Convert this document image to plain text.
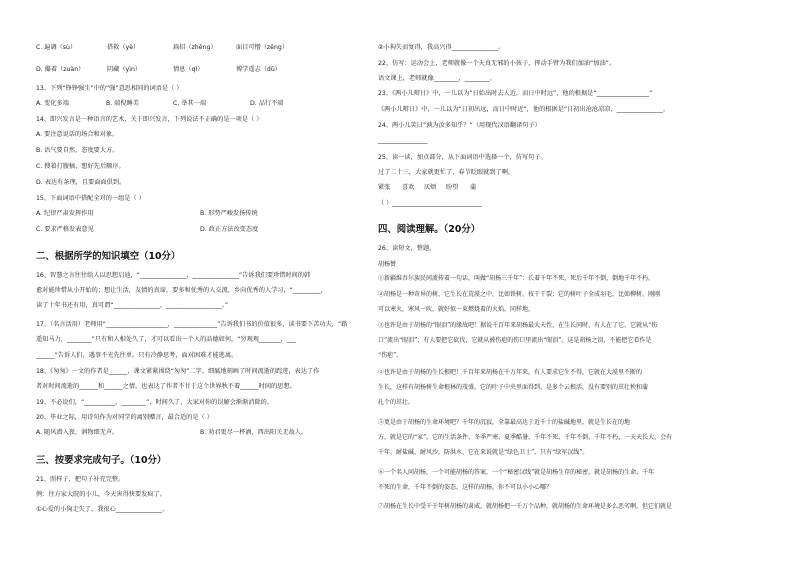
C. 遍调（sù）	搭救（yè）	扁招（zhēng）	面目可憎（zēng）
D. 攥着（zuàn）	阴藏（yìn）	情息（qì）	博学遥志（dǔ）
13、下列“铮铮强生”中的“强”意思相同的词语是（ ）
A. 变化多端	B. 端倪睡美	C. 举其一端	D. 品行不端
14、即兴发言是一种语言的艺术，关于即兴发言，下列说法不正确的是一项是（ ）
A. 要注意说话的场合和对象。
B. 语气要自然，态度要大方。
C. 搜着打腹稿，想好先后顺序。
D. 表达有条理，且要面面俱到。
15、下面词语中搭配全对的一组是（ ）
A. 纪律严肃发挥作用	B. 形势严峻发扬传统
C. 要求严格发表意见	D. 政正方法改变态度
二、根据所学的知识填空（10分）
16、智慧之言往往给人以思想启迪，“_______________，_______________”告诉我们要珍惜时间的韩
愈对能珍惜从小开始的；想让生活，友情的真谛，要多和优秀的人交流，乡向优秀的人学习，“_________，
读了十年书还有用，真可谓“_______________，__________________。”
17、（名言活用）老师用“____________________，______________”告诉我们书的价值很多，读书要下苦功夫，“路
遥知马力，________”只有和人相处久了，才可以看出一个人的品德如何，“穷观观_______，___
______”告诉人们，遇事不光先往单。只有冷静思考，面对困难才能逃离。
18、《匆匆》一文的作者是______，课文紧紧围绕“匆匆”二字，细腻地刻画了时间流逝的踪迹，表达了作
者对时间流逝的______和______之情，也表达了作者不甘于这个世界秋不着______时间的思想。
19、不必说们，“__________，________”，时间久了，大家对你的误解会渐渐消除的。
20、毕业之际，用诗句作为对同学的离别赠言，最合适的是（ ）
A. 随风潜入夜，润物细无声。	B. 劝君更尽一杯酒，西出阳关无故人。
三、按要求完成句子。（10分）
21、照样子，把句子补充完整。
例：住方家大院的小儿，今天害得快要发疯了。
①心爱的小狗走失了，我很心_______________。
②小狗失而复得，我高兴得_______________。
22、仿写：运动会上，老师就像一个天真无邪的小孩子，挥动手臂为我们加油“加油”。
语文课上，老师就像________，________。
23、《两小儿辩日》中，一儿以为“日始出时去人近，而日中时远”，他的根据是“_________________”
《两小儿辩日》中，一儿以为“日初出远，而日中时近”，他的根据是“日初出沧沧凉凉，_______________。
24、两小儿笑曰“孰为汝多知乎？”（用现代汉语翻译句子）
________________
25、读一读，加点部分，从下面词语中选择一个，仿写句子。
过了二十三，大家就更忙了，春节眨眼就到了啊。
紧张 喜欢 厌烦 盼望 蒲
（ ）_____________________________
四、阅读理解。（20分）
26、读短文，整题。
胡杨赞
①新疆维吾尔族民间流传着一句话，叫做“胡杨三千年”：长着千年不死，死后千年不倒，倒地千年不朽。
②胡杨是一种奇异的树，它生长在荒漠之中，比如铁树，枝干干裂；它的树叶子全成羽毛，比如柳树，刚刚
可以寒火，寒风一吹，就好似一束燃烧着的火焰。同样地，
③也许是由于胡杨的“眼泪”的缘故吧！据说千百年来胡杨最大天性，在生长同时，有人在了它，它就从“伤
口”流出“眼泪”；有人要把它砍伐，它就从被伤疤的伤口里流出“眼泪”。这是胡杨之泪，不能把它看作是
“伤疤”。
④也许是由于胡杨的生长根吧！千百年来胡杨在千万年来，有人要求它生不得，它就在大漠里不断的
生长，这样有胡杨树生命根林的茂盛。它的叶子中央里面得到、是多个云根活，没有要别的茁壮秧和蒲
扎个的茁壮。
⑤更是由于胡杨的生命环境吧？千年的沉寂，全靠最高达于近千十的盐碱地里，就是生长在的地
方，就是它的“家”。它的生活条件，冬季严寒，夏季酷暑，千年不死，千年不倒，千年不朽，一天天长大，会有
千年，耐盐碱，耐风沙，防洪水，它在来说就是“绿色卫士”，只有“绿军汉线”。
⑥一个名人问胡杨，一个可能胡杨的答案，一个“秘密汉线”就是胡杨生存的秘密，就是胡杨的生命，千年
不死的生命，千年不倒的姿态。这样的胡杨，你不可以小小心哪？
⑦胡杨在生长中受千千年树胡杨的肃威，就胡杨把一千万个品种，就胡杨的生命环境是多么恶劣啊，但它们就是
